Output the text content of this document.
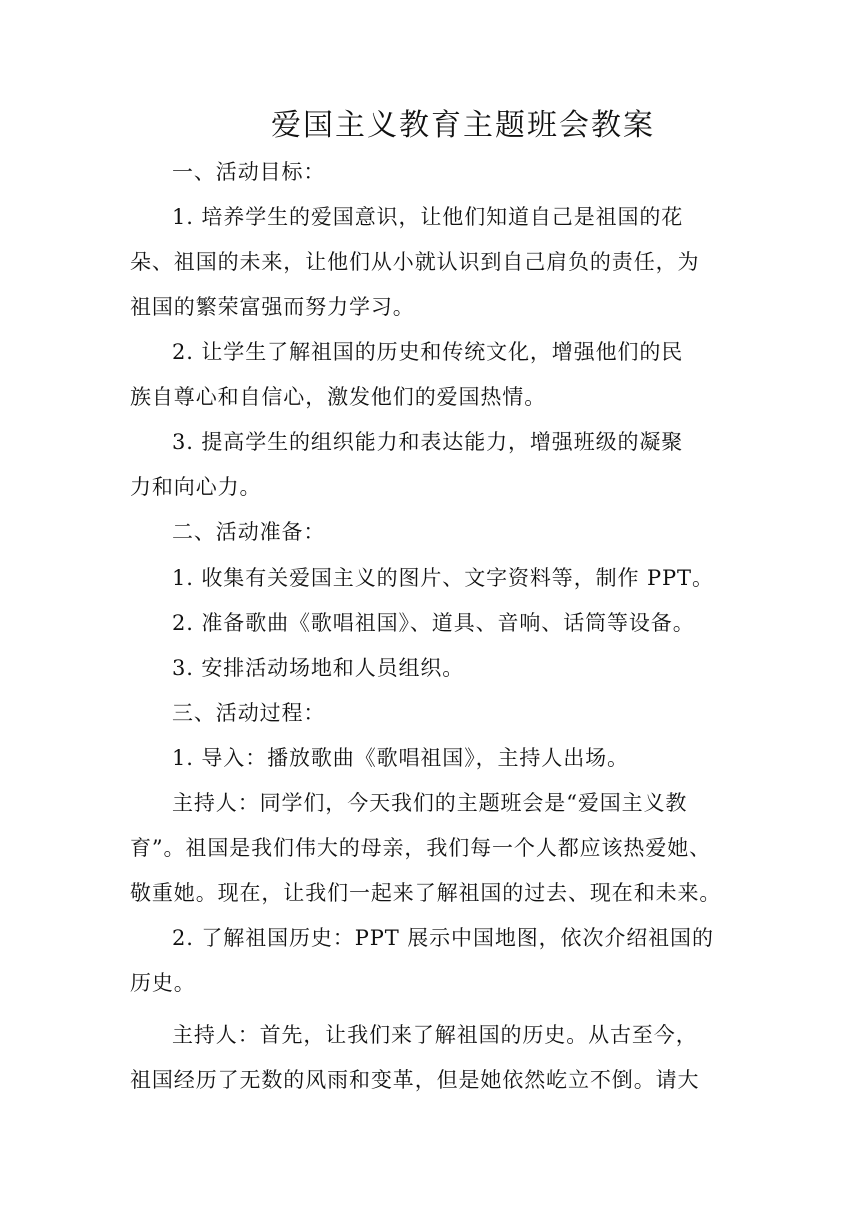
爱国主义教育主题班会教案
一、活动目标：
1. 培养学生的爱国意识，让他们知道自己是祖国的花
朵、祖国的未来，让他们从小就认识到自己肩负的责任，为
祖国的繁荣富强而努力学习。
2. 让学生了解祖国的历史和传统文化，增强他们的民
族自尊心和自信心，激发他们的爱国热情。
3. 提高学生的组织能力和表达能力，增强班级的凝聚
力和向心力。
二、活动准备：
1. 收集有关爱国主义的图片、文字资料等，制作 PPT。
2. 准备歌曲《歌唱祖国》、道具、音响、话筒等设备。
3. 安排活动场地和人员组织。
三、活动过程：
1. 导入：播放歌曲《歌唱祖国》，主持人出场。
主持人：同学们，今天我们的主题班会是“爱国主义教
育”。祖国是我们伟大的母亲，我们每一个人都应该热爱她、
敬重她。现在，让我们一起来了解祖国的过去、现在和未来。
2. 了解祖国历史：PPT 展示中国地图，依次介绍祖国的
历史。
主持人：首先，让我们来了解祖国的历史。从古至今，
祖国经历了无数的风雨和变革，但是她依然屹立不倒。请大
